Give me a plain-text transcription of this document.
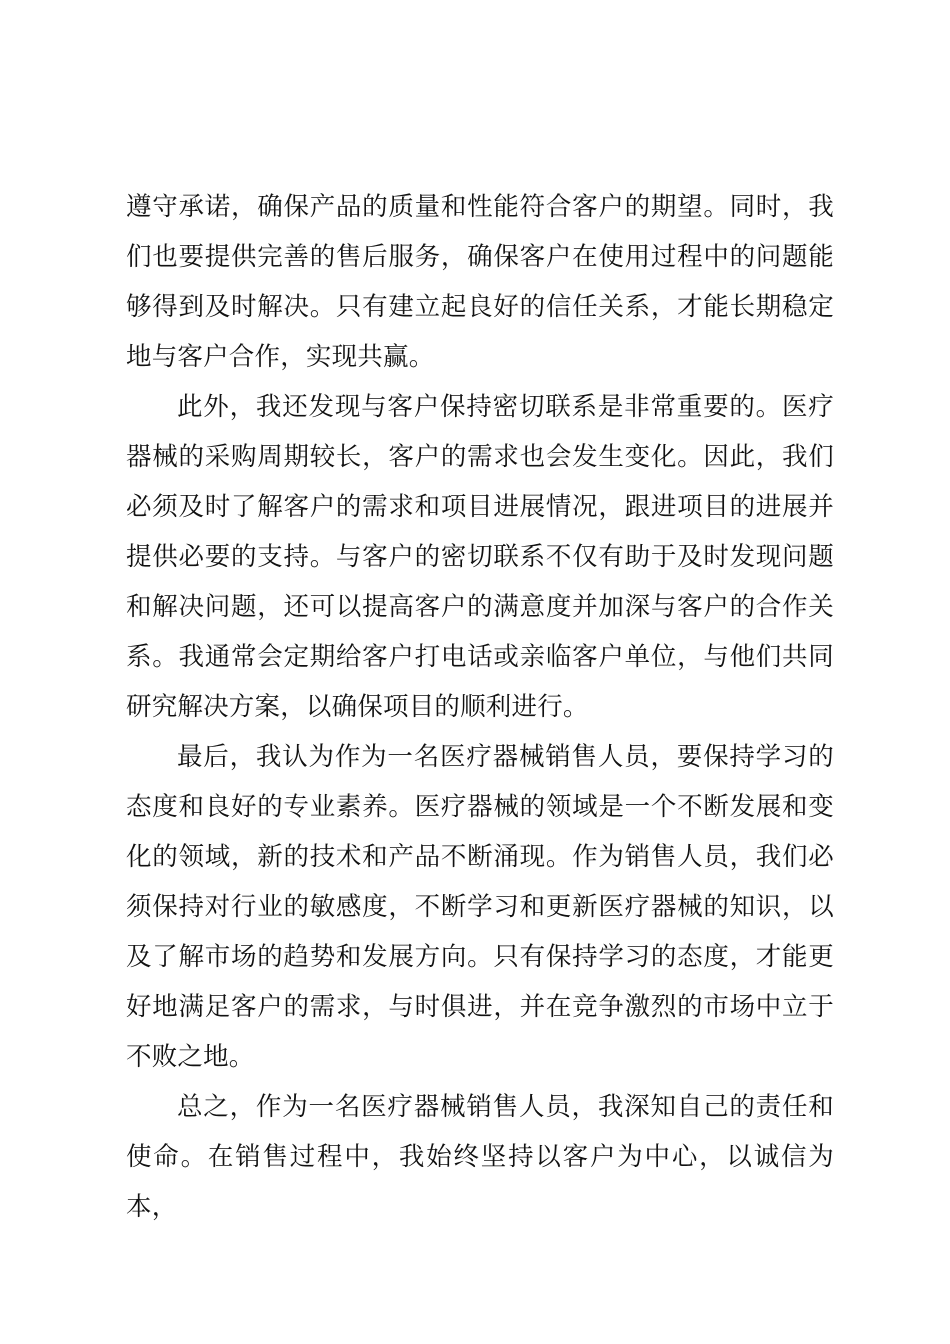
遵守承诺，确保产品的质量和性能符合客户的期望。同时，我们也要提供完善的售后服务，确保客户在使用过程中的问题能够得到及时解决。只有建立起良好的信任关系，才能长期稳定地与客户合作，实现共赢。

此外，我还发现与客户保持密切联系是非常重要的。医疗器械的采购周期较长，客户的需求也会发生变化。因此，我们必须及时了解客户的需求和项目进展情况，跟进项目的进展并提供必要的支持。与客户的密切联系不仅有助于及时发现问题和解决问题，还可以提高客户的满意度并加深与客户的合作关系。我通常会定期给客户打电话或亲临客户单位，与他们共同研究解决方案，以确保项目的顺利进行。

最后，我认为作为一名医疗器械销售人员，要保持学习的态度和良好的专业素养。医疗器械的领域是一个不断发展和变化的领域，新的技术和产品不断涌现。作为销售人员，我们必须保持对行业的敏感度，不断学习和更新医疗器械的知识，以及了解市场的趋势和发展方向。只有保持学习的态度，才能更好地满足客户的需求，与时俱进，并在竞争激烈的市场中立于不败之地。

总之，作为一名医疗器械销售人员，我深知自己的责任和使命。在销售过程中，我始终坚持以客户为中心，以诚信为本，
